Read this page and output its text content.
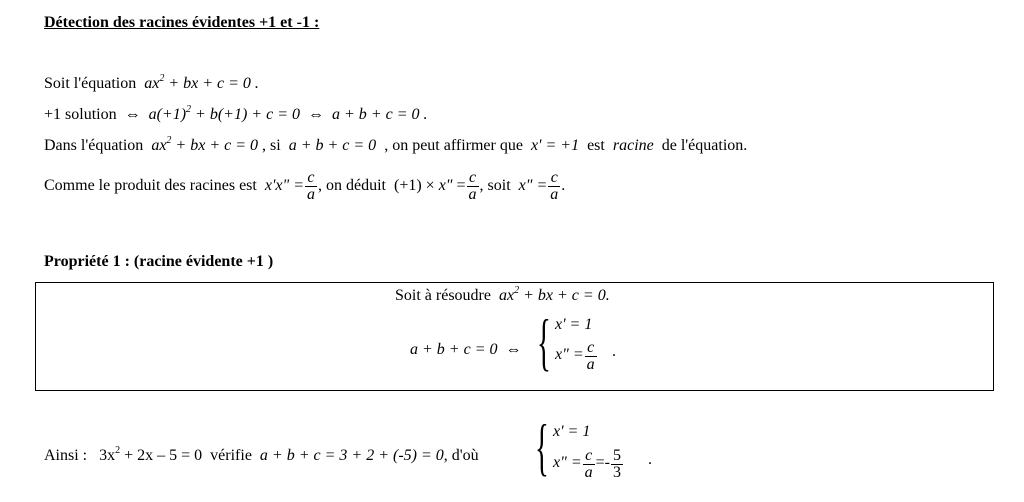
Détection des racines évidentes +1 et -1 :
Soit l'équation $ax^2$ + bx + c = 0 .
+1 solution ⇔ $a(+1)^2 + b(+1) + c = 0$ ⇔ a + b + c = 0 .
Dans l'équation $ax^2$ + bx + c = 0 , si a + b + c = 0 , on peut affirmer que x' = +1 est racine de l'équation.
Comme le produit des racines est x'x" = $\frac{c}{a}$ , on déduit (+1) × x" = $\frac{c}{a}$ , soit x" = $\frac{c}{a}$ .
Propriété 1 : (racine évidente +1 )
Soit à résoudre $ax^2$ + bx + c = 0.
a + b + c = 0 ⇔ { x' = 1
x" = $\frac{c}{a}$ .
Ainsi : $3x^2 + 2x - 5 = 0$ vérifie a + b + c = 3 + 2 + (-5) = 0, d'où { x' = 1
x" = $\frac{c}{a} =- \frac{5}{3}$ .
